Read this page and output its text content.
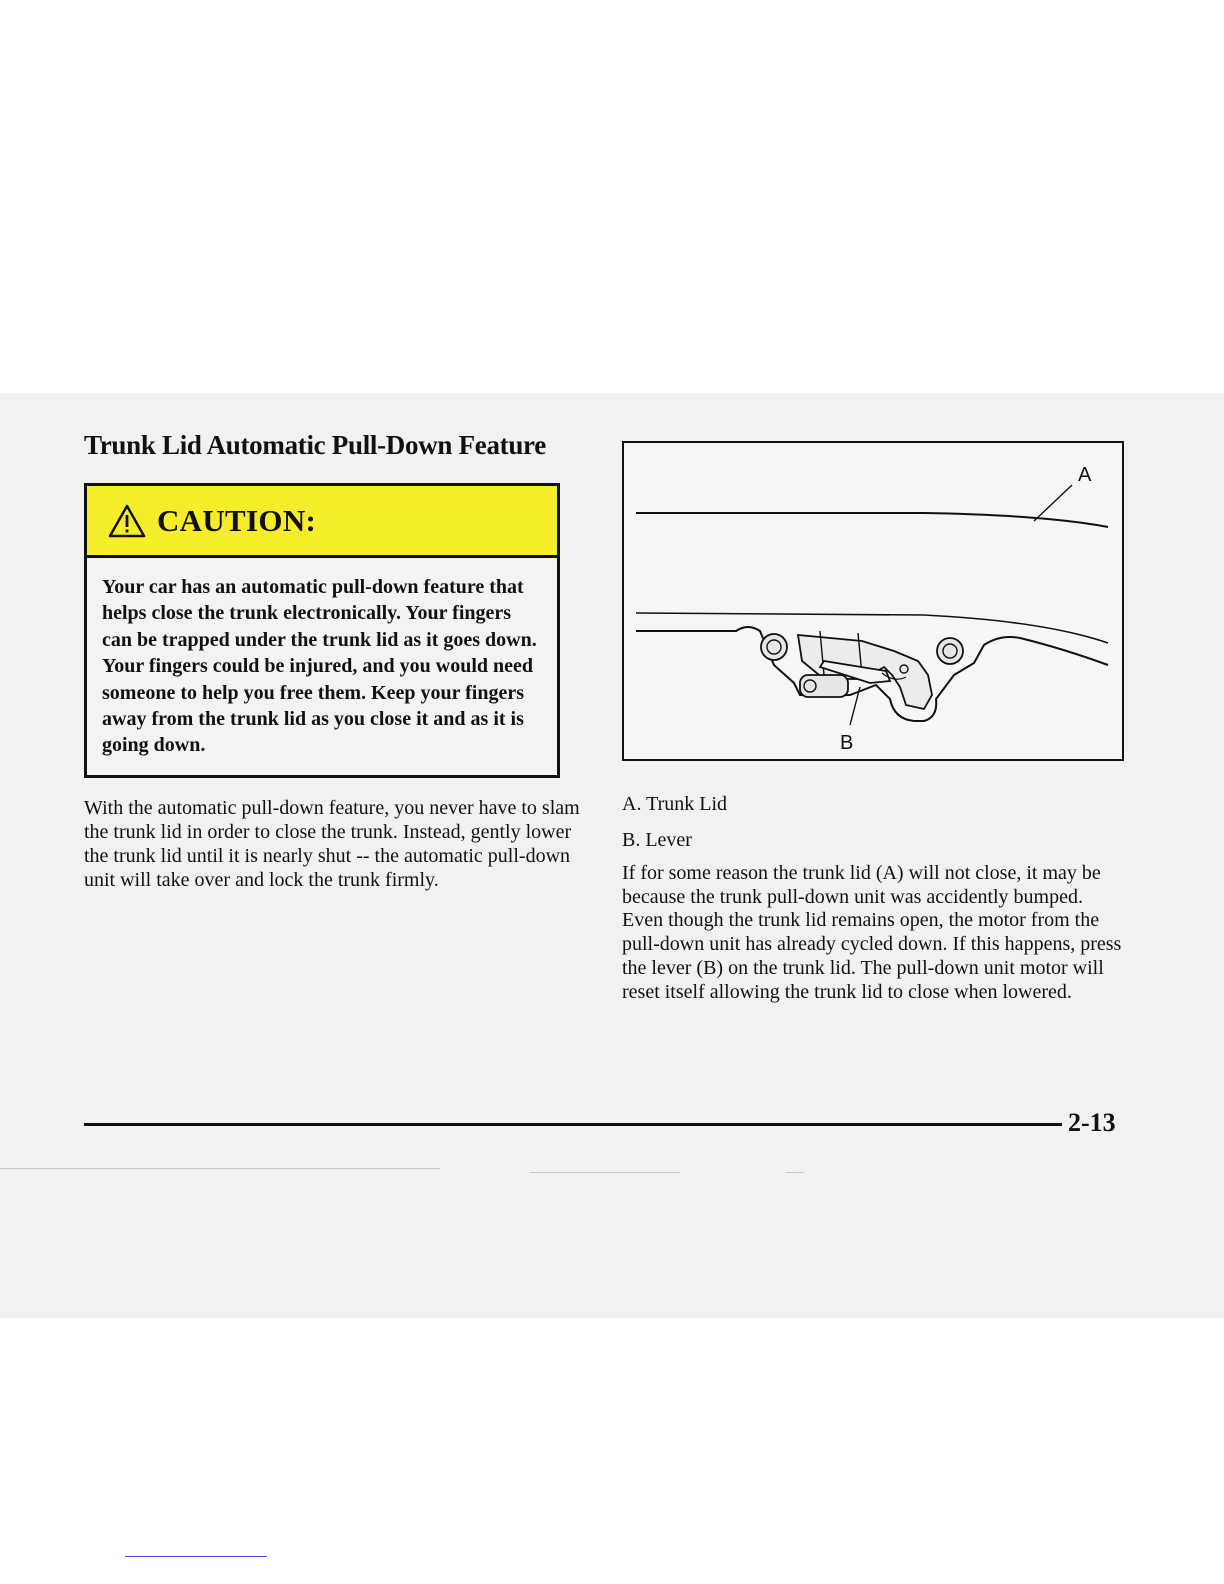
Trunk Lid Automatic Pull-Down Feature
CAUTION:

Your car has an automatic pull-down feature that helps close the trunk electronically. Your fingers can be trapped under the trunk lid as it goes down. Your fingers could be injured, and you would need someone to help you free them. Keep your fingers away from the trunk lid as you close it and as it is going down.

With the automatic pull-down feature, you never have to slam the trunk lid in order to close the trunk. Instead, gently lower the trunk lid until it is nearly shut -- the automatic pull-down unit will take over and lock the trunk firmly.

A
B
A. Trunk Lid
B. Lever

If for some reason the trunk lid (A) will not close, it may be because the trunk pull-down unit was accidently bumped. Even though the trunk lid remains open, the motor from the pull-down unit has already cycled down. If this happens, press the lever (B) on the trunk lid. The pull-down unit motor will reset itself allowing the trunk lid to close when lowered.

2-13
